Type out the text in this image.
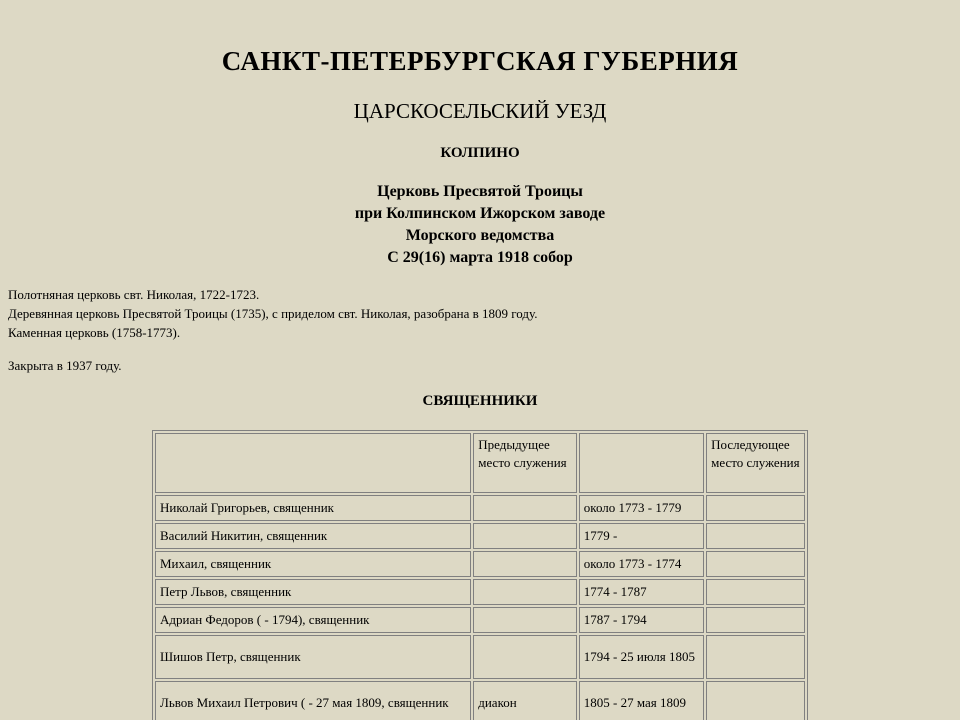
САНКТ-ПЕТЕРБУРГСКАЯ ГУБЕРНИЯ
ЦАРСКОСЕЛЬСКИЙ УЕЗД
КОЛПИНО
Церковь Пресвятой Троицы
при Колпинском Ижорском заводе
Морского ведомства
С 29(16) марта 1918 собор
Полотняная церковь свт. Николая, 1722-1723.
Деревянная церковь Пресвятой Троицы (1735), с приделом свт. Николая, разобрана в 1809 году.
Каменная церковь (1758-1773).
Закрыта в 1937 году.
СВЯЩЕННИКИ
	Предыдущее место служения		Последующее место служения
Николай Григорьев, священник		около 1773 - 1779	
Василий Никитин, священник		1779 -	
Михаил, священник		около 1773 - 1774	
Петр Львов, священник		1774 - 1787	
Адриан Федоров ( - 1794), священник		1787 - 1794	
Шишов Петр, священник		1794 - 25 июля 1805	
Львов Михаил Петрович ( - 27 мая 1809, священник	диакон	1805 - 27 мая 1809	
